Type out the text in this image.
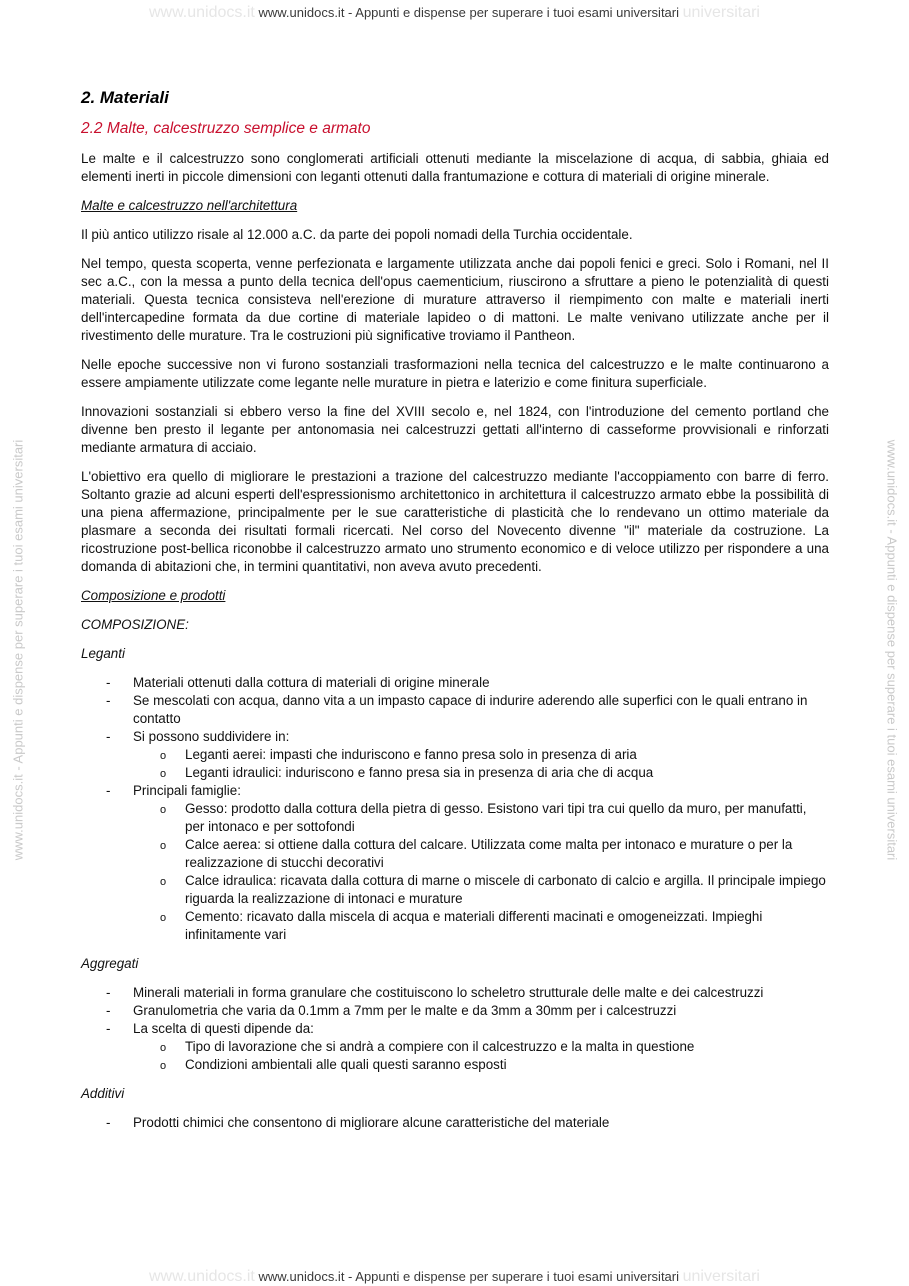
www.unidocs.it www.unidocs.it - Appunti e dispense per superare i tuoi esami universitari universitari
www.unidocs.it - Appunti e dispense per superare i tuoi esami universitari	www.unidocs.it - Appunti e dispense per superare i tuoi esami universitari
2. Materiali
2.2 Malte, calcestruzzo semplice e armato

Le malte e il calcestruzzo sono conglomerati artificiali ottenuti mediante la miscelazione di acqua, di sabbia, ghiaia ed elementi inerti in piccole dimensioni con leganti ottenuti dalla frantumazione e cottura di materiali di origine minerale.

Malte e calcestruzzo nell'architettura

Il più antico utilizzo risale al 12.000 a.C. da parte dei popoli nomadi della Turchia occidentale.

Nel tempo, questa scoperta, venne perfezionata e largamente utilizzata anche dai popoli fenici e greci. Solo i Romani, nel II sec a.C., con la messa a punto della tecnica dell'opus caementicium, riuscirono a sfruttare a pieno le potenzialità di questi materiali. Questa tecnica consisteva nell'erezione di murature attraverso il riempimento con malte e materiali inerti dell'intercapedine formata da due cortine di materiale lapideo o di mattoni. Le malte venivano utilizzate anche per il rivestimento delle murature. Tra le costruzioni più significative troviamo il Pantheon.

Nelle epoche successive non vi furono sostanziali trasformazioni nella tecnica del calcestruzzo e le malte continuarono a essere ampiamente utilizzate come legante nelle murature in pietra e laterizio e come finitura superficiale.

Innovazioni sostanziali si ebbero verso la fine del XVIII secolo e, nel 1824, con l'introduzione del cemento portland che divenne ben presto il legante per antonomasia nei calcestruzzi gettati all'interno di casseforme provvisionali e rinforzati mediante armatura di acciaio.

L'obiettivo era quello di migliorare le prestazioni a trazione del calcestruzzo mediante l'accoppiamento con barre di ferro. Soltanto grazie ad alcuni esperti dell'espressionismo architettonico in architettura il calcestruzzo armato ebbe la possibilità di una piena affermazione, principalmente per le sue caratteristiche di plasticità che lo rendevano un ottimo materiale da plasmare a seconda dei risultati formali ricercati. Nel corso del Novecento divenne "il" materiale da costruzione. La ricostruzione post-bellica riconobbe il calcestruzzo armato uno strumento economico e di veloce utilizzo per rispondere a una domanda di abitazioni che, in termini quantitativi, non aveva avuto precedenti.

Composizione e prodotti

COMPOSIZIONE:

Leganti

- Materiali ottenuti dalla cottura di materiali di origine minerale
- Se mescolati con acqua, danno vita a un impasto capace di indurire aderendo alle superfici con le quali entrano in contatto
- Si possono suddividere in:
o Leganti aerei: impasti che induriscono e fanno presa solo in presenza di aria
o Leganti idraulici: induriscono e fanno presa sia in presenza di aria che di acqua
- Principali famiglie:
o Gesso: prodotto dalla cottura della pietra di gesso. Esistono vari tipi tra cui quello da muro, per manufatti, per intonaco e per sottofondi
o Calce aerea: si ottiene dalla cottura del calcare. Utilizzata come malta per intonaco e murature o per la realizzazione di stucchi decorativi
o Calce idraulica: ricavata dalla cottura di marne o miscele di carbonato di calcio e argilla. Il principale impiego riguarda la realizzazione di intonaci e murature
o Cemento: ricavato dalla miscela di acqua e materiali differenti macinati e omogeneizzati. Impieghi infinitamente vari

Aggregati

- Minerali materiali in forma granulare che costituiscono lo scheletro strutturale delle malte e dei calcestruzzi
- Granulometria che varia da 0.1mm a 7mm per le malte e da 3mm a 30mm per i calcestruzzi
- La scelta di questi dipende da:
o Tipo di lavorazione che si andrà a compiere con il calcestruzzo e la malta in questione
o Condizioni ambientali alle quali questi saranno esposti

Additivi

- Prodotti chimici che consentono di migliorare alcune caratteristiche del materiale
www.unidocs.it www.unidocs.it - Appunti e dispense per superare i tuoi esami universitari universitari
